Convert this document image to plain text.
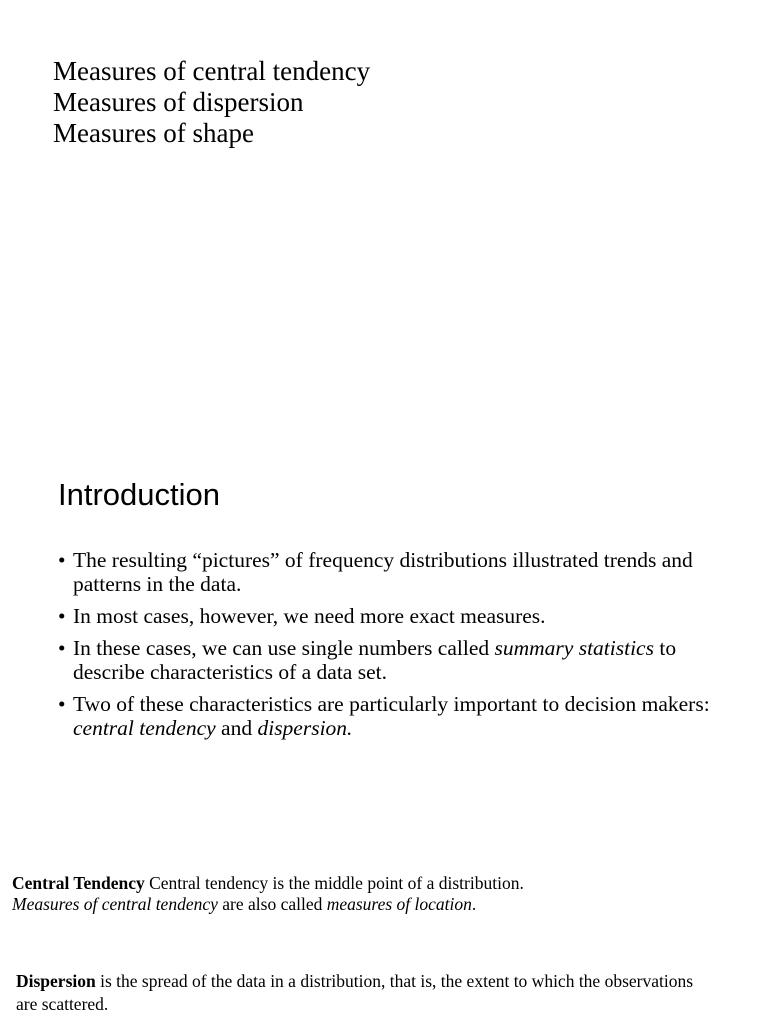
Measures of central tendency
Measures of dispersion
Measures of shape
Introduction
• The resulting “pictures” of frequency distributions illustrated trends and patterns in the data.
• In most cases, however, we need more exact measures.
• In these cases, we can use single numbers called summary statistics to describe characteristics of a data set.
• Two of these characteristics are particularly important to decision makers: central tendency and dispersion.
Central Tendency Central tendency is the middle point of a distribution.
Measures of central tendency are also called measures of location.
Dispersion is the spread of the data in a distribution, that is, the extent to which the observations are scattered.
